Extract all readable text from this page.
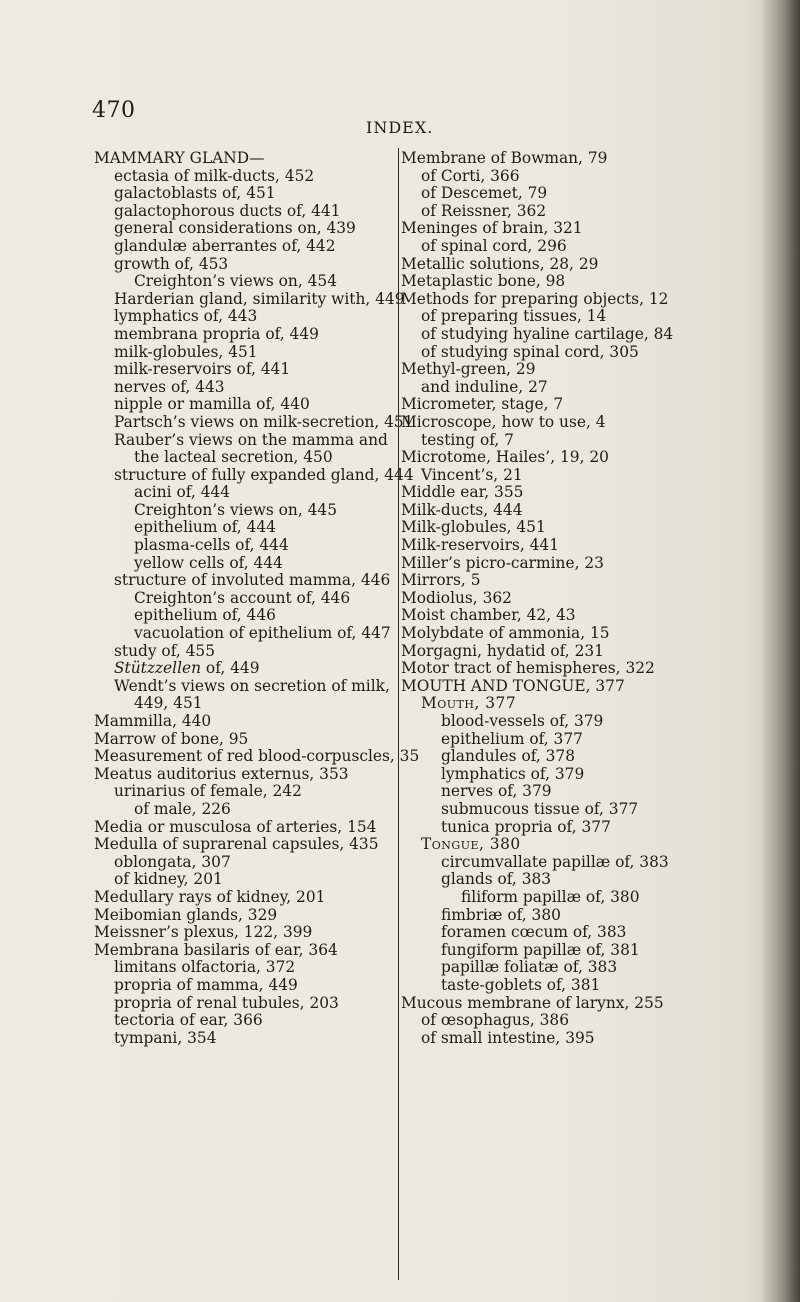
470
INDEX.
MAMMARY GLAND—
ectasia of milk-ducts, 452
galactoblasts of, 451
galactophorous ducts of, 441
general considerations on, 439
glandulæ aberrantes of, 442
growth of, 453
Creighton’s views on, 454
Harderian gland, similarity with, 449
lymphatics of, 443
membrana propria of, 449
milk-globules, 451
milk-reservoirs of, 441
nerves of, 443
nipple or mamilla of, 440
Partsch’s views on milk-secretion, 451
Rauber’s views on the mamma and
the lacteal secretion, 450
structure of fully expanded gland, 444
acini of, 444
Creighton’s views on, 445
epithelium of, 444
plasma-cells of, 444
yellow cells of, 444
structure of involuted mamma, 446
Creighton’s account of, 446
epithelium of, 446
vacuolation of epithelium of, 447
study of, 455
Stützzellen of, 449
Wendt’s views on secretion of milk,
449, 451
Mammilla, 440
Marrow of bone, 95
Measurement of red blood-corpuscles, 35
Meatus auditorius externus, 353
urinarius of female, 242
of male, 226
Media or musculosa of arteries, 154
Medulla of suprarenal capsules, 435
oblongata, 307
of kidney, 201
Medullary rays of kidney, 201
Meibomian glands, 329
Meissner’s plexus, 122, 399
Membrana basilaris of ear, 364
limitans olfactoria, 372
propria of mamma, 449
propria of renal tubules, 203
tectoria of ear, 366
tympani, 354
Membrane of Bowman, 79
of Corti, 366
of Descemet, 79
of Reissner, 362
Meninges of brain, 321
of spinal cord, 296
Metallic solutions, 28, 29
Metaplastic bone, 98
Methods for preparing objects, 12
of preparing tissues, 14
of studying hyaline cartilage, 84
of studying spinal cord, 305
Methyl-green, 29
and induline, 27
Micrometer, stage, 7
Microscope, how to use, 4
testing of, 7
Microtome, Hailes’, 19, 20
Vincent’s, 21
Middle ear, 355
Milk-ducts, 444
Milk-globules, 451
Milk-reservoirs, 441
Miller’s picro-carmine, 23
Mirrors, 5
Modiolus, 362
Moist chamber, 42, 43
Molybdate of ammonia, 15
Morgagni, hydatid of, 231
Motor tract of hemispheres, 322
MOUTH AND TONGUE, 377
Mouth, 377
blood-vessels of, 379
epithelium of, 377
glandules of, 378
lymphatics of, 379
nerves of, 379
submucous tissue of, 377
tunica propria of, 377
Tongue, 380
circumvallate papillæ of, 383
glands of, 383
filiform papillæ of, 380
fimbriæ of, 380
foramen cœcum of, 383
fungiform papillæ of, 381
papillæ foliatæ of, 383
taste-goblets of, 381
Mucous membrane of larynx, 255
of œsophagus, 386
of small intestine, 395
